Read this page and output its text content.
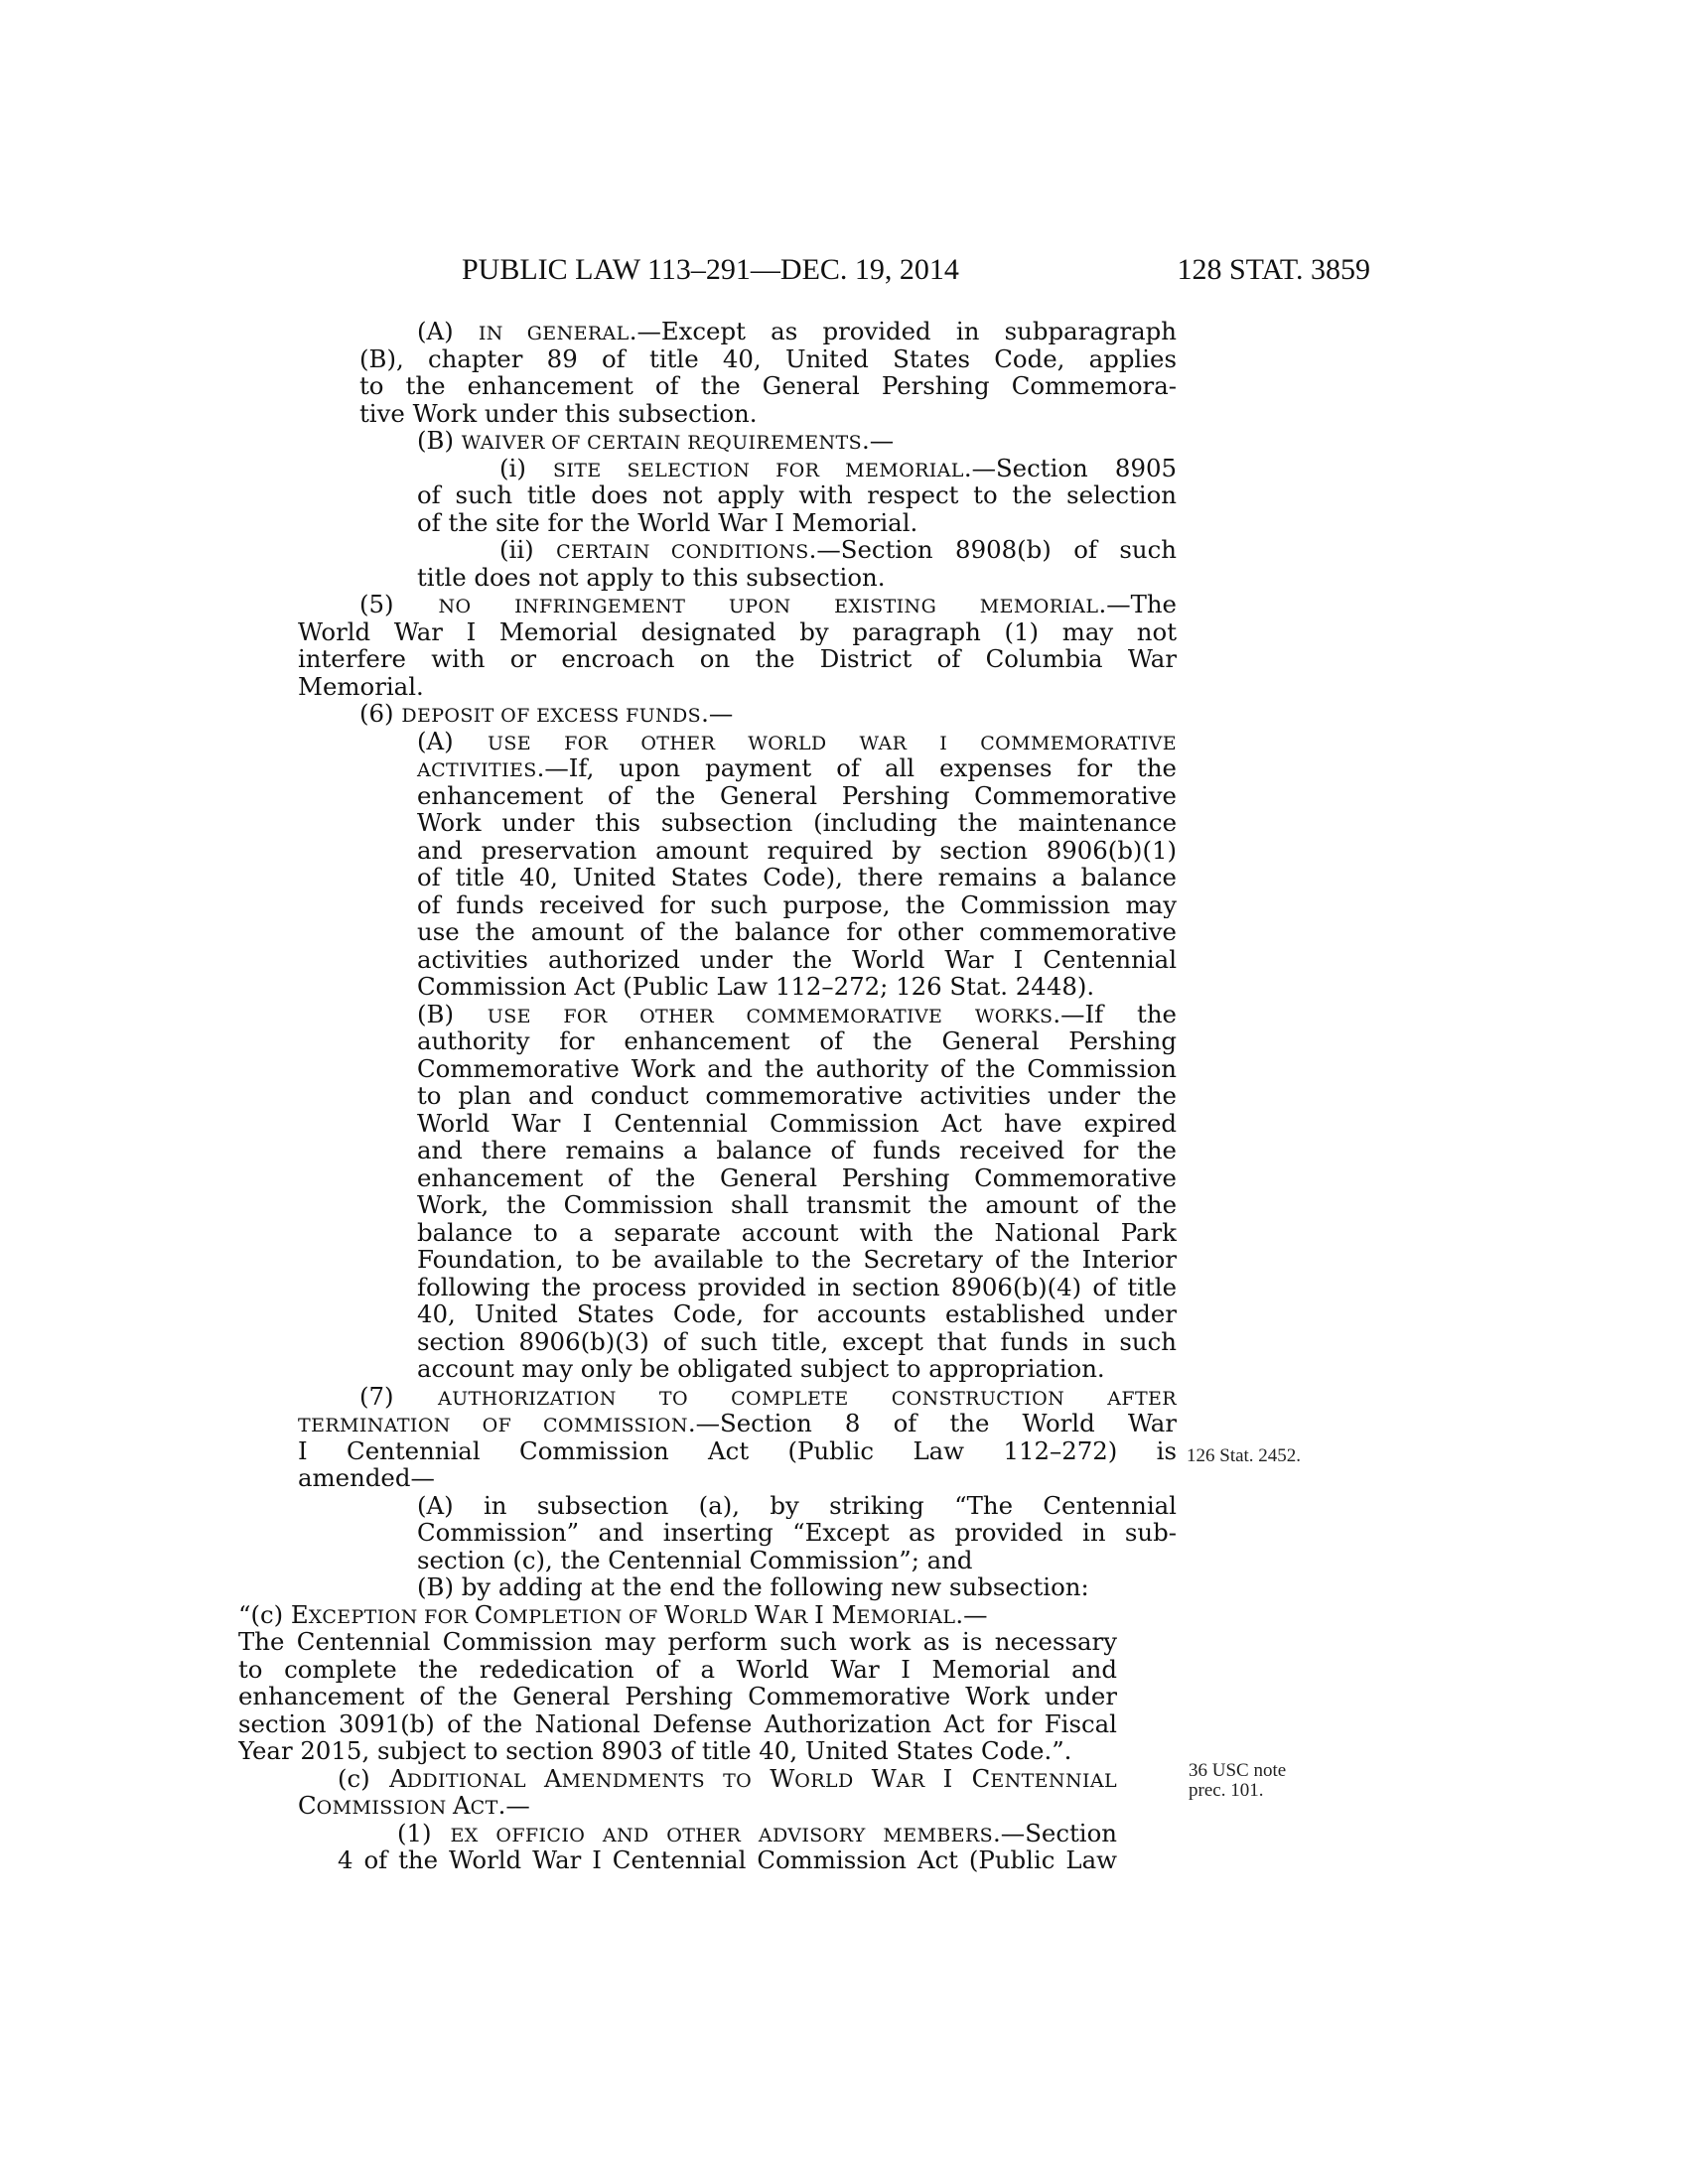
PUBLIC LAW 113–291—DEC. 19, 2014	128 STAT. 3859
(A) IN GENERAL.—Except as provided in subparagraph
(B), chapter 89 of title 40, United States Code, applies
to the enhancement of the General Pershing Commemora-
tive Work under this subsection.
(B) WAIVER OF CERTAIN REQUIREMENTS.—
(i) SITE SELECTION FOR MEMORIAL.—Section 8905
of such title does not apply with respect to the selection
of the site for the World War I Memorial.
(ii) CERTAIN CONDITIONS.—Section 8908(b) of such
title does not apply to this subsection.
(5) NO INFRINGEMENT UPON EXISTING MEMORIAL.—The
World War I Memorial designated by paragraph (1) may not
interfere with or encroach on the District of Columbia War
Memorial.
(6) DEPOSIT OF EXCESS FUNDS.—
(A) USE FOR OTHER WORLD WAR I COMMEMORATIVE
ACTIVITIES.—If, upon payment of all expenses for the
enhancement of the General Pershing Commemorative
Work under this subsection (including the maintenance
and preservation amount required by section 8906(b)(1)
of title 40, United States Code), there remains a balance
of funds received for such purpose, the Commission may
use the amount of the balance for other commemorative
activities authorized under the World War I Centennial
Commission Act (Public Law 112–272; 126 Stat. 2448).
(B) USE FOR OTHER COMMEMORATIVE WORKS.—If the
authority for enhancement of the General Pershing
Commemorative Work and the authority of the Commission
to plan and conduct commemorative activities under the
World War I Centennial Commission Act have expired
and there remains a balance of funds received for the
enhancement of the General Pershing Commemorative
Work, the Commission shall transmit the amount of the
balance to a separate account with the National Park
Foundation, to be available to the Secretary of the Interior
following the process provided in section 8906(b)(4) of title
40, United States Code, for accounts established under
section 8906(b)(3) of such title, except that funds in such
account may only be obligated subject to appropriation.
(7) AUTHORIZATION TO COMPLETE CONSTRUCTION AFTER
TERMINATION OF COMMISSION.—Section 8 of the World War
I Centennial Commission Act (Public Law 112–272) is
amended—
(A) in subsection (a), by striking “The Centennial
Commission” and inserting “Except as provided in sub-
section (c), the Centennial Commission”; and
(B) by adding at the end the following new subsection:
“(c) EXCEPTION FOR COMPLETION OF WORLD WAR I MEMORIAL.—
The Centennial Commission may perform such work as is necessary
to complete the rededication of a World War I Memorial and
enhancement of the General Pershing Commemorative Work under
section 3091(b) of the National Defense Authorization Act for Fiscal
Year 2015, subject to section 8903 of title 40, United States Code.”.
(c) ADDITIONAL AMENDMENTS TO WORLD WAR I CENTENNIAL
COMMISSION ACT.—
(1) EX OFFICIO AND OTHER ADVISORY MEMBERS.—Section
4 of the World War I Centennial Commission Act (Public Law
126 Stat. 2452.
36 USC note
prec. 101.
